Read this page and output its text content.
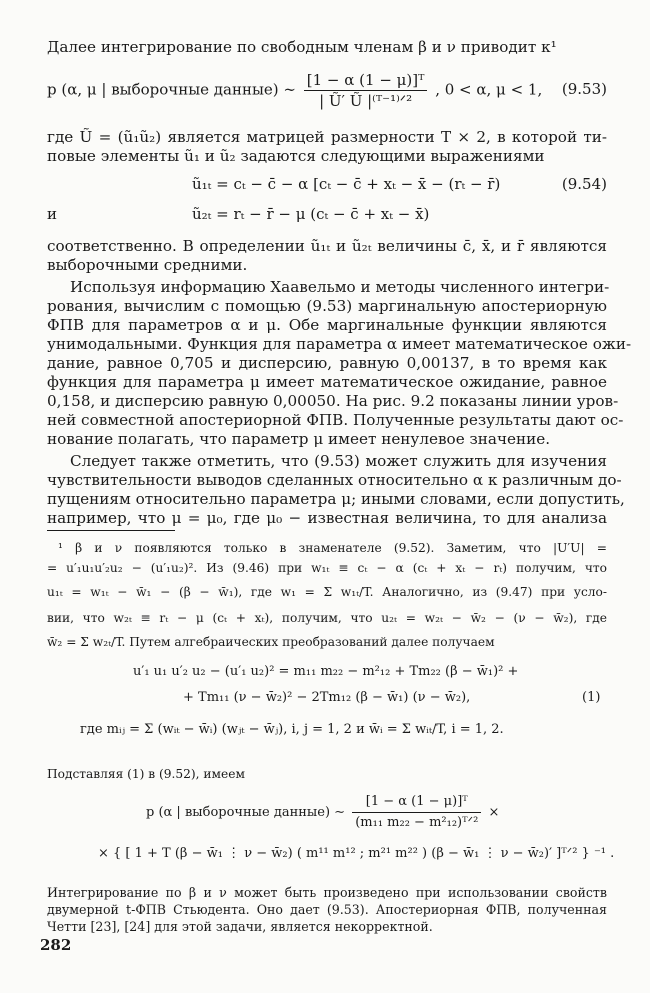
Далее интегрирование по свободным членам β и ν приводит к¹
p (α, μ | выборочные данные) ∼ $\frac{\text{[1 − α (1 − μ)]ᵀ}}{\text{| Ũ′ Ũ |⁽ᵀ⁻¹⁾ᐟ²}}$ , 0 < α, μ < 1, (9.53)
где Ũ = (ũ₁ũ₂) является матрицей размерности T × 2, в которой ти-
повые элементы ũ₁ и ũ₂ задаются следующими выражениями
ũ₁ₜ = cₜ − c̄ − α [cₜ − c̄ + xₜ − x̄ − (rₜ − r̄)	(9.54)
и	ũ₂ₜ = rₜ − r̄ − μ (cₜ − c̄ + xₜ − x̄)
соответственно. В определении ũ₁ₜ и ũ₂ₜ величины c̄, x̄, и r̄ являются
выборочными средними.
Используя информацию Хаавельмо и методы численного интегри-
рования, вычислим с помощью (9.53) маргинальную апостериорную
ФПВ для параметров α и μ. Обе маргинальные функции являются
унимодальными. Функция для параметра α имеет математическое ожи-
дание, равное 0,705 и дисперсию, равную 0,00137, в то время как
функция для параметра μ имеет математическое ожидание, равное
0,158, и дисперсию равную 0,00050. На рис. 9.2 показаны линии уров-
ней совместной апостериорной ФПВ. Полученные результаты дают ос-
нование полагать, что параметр μ имеет ненулевое значение.
Следует также отметить, что (9.53) может служить для изучения
чувствительности выводов сделанных относительно α к различным до-
пущениям относительно параметра μ; иными словами, если допустить,
например, что μ = μ₀, где μ₀ − известная величина, то для анализа
¹ β и ν появляются только в знаменателе (9.52). Заметим, что |U′U| =
= u′₁u₁u′₂u₂ − (u′₁u₂)². Из (9.46) при w₁ₜ ≡ cₜ − α (cₜ + xₜ − rₜ) получим, что
u₁ₜ = w₁ₜ − w̄₁ − (β − w̄₁), где w₁ = Σ w₁ₜ/T. Аналогично, из (9.47) при усло-
вии, что w₂ₜ ≡ rₜ − μ (cₜ + xₜ), получим, что u₂ₜ = w₂ₜ − w̄₂ − (ν − w̄₂), где
w̄₂ = Σ w₂ₜ/T. Путем алгебраических преобразований далее получаем
u′₁ u₁ u′₂ u₂ − (u′₁ u₂)² = m₁₁ m₂₂ − m²₁₂ + Tm₂₂ (β − w̄₁)² +
+ Tm₁₁ (ν − w̄₂)² − 2Tm₁₂ (β − w̄₁) (ν − w̄₂),	(1)
где mᵢⱼ = Σ (wᵢₜ − w̄ᵢ) (wⱼₜ − w̄ⱼ), i, j = 1, 2 и w̄ᵢ = Σ wᵢₜ/T, i = 1, 2.
Подставляя (1) в (9.52), имеем
p (α | выборочные данные) ∼ $\frac{\text{[1 − α (1 − μ)]ᵀ}}{\text{(m₁₁ m₂₂ − m²₁₂)ᵀᐟ²}}$ ×
× { [ 1 + T (β − w̄₁ ⋮ ν − w̄₂) ( m¹¹ m¹² ; m²¹ m²² ) (β − w̄₁ ⋮ ν − w̄₂)′ ]ᵀᐟ² } ⁻¹ .
Интегрирование по β и ν может быть произведено при использовании свойств
двумерной t-ФПВ Стьюдента. Оно дает (9.53). Апостериорная ФПВ, полученная
Четти [23], [24] для этой задачи, является некорректной.
282
